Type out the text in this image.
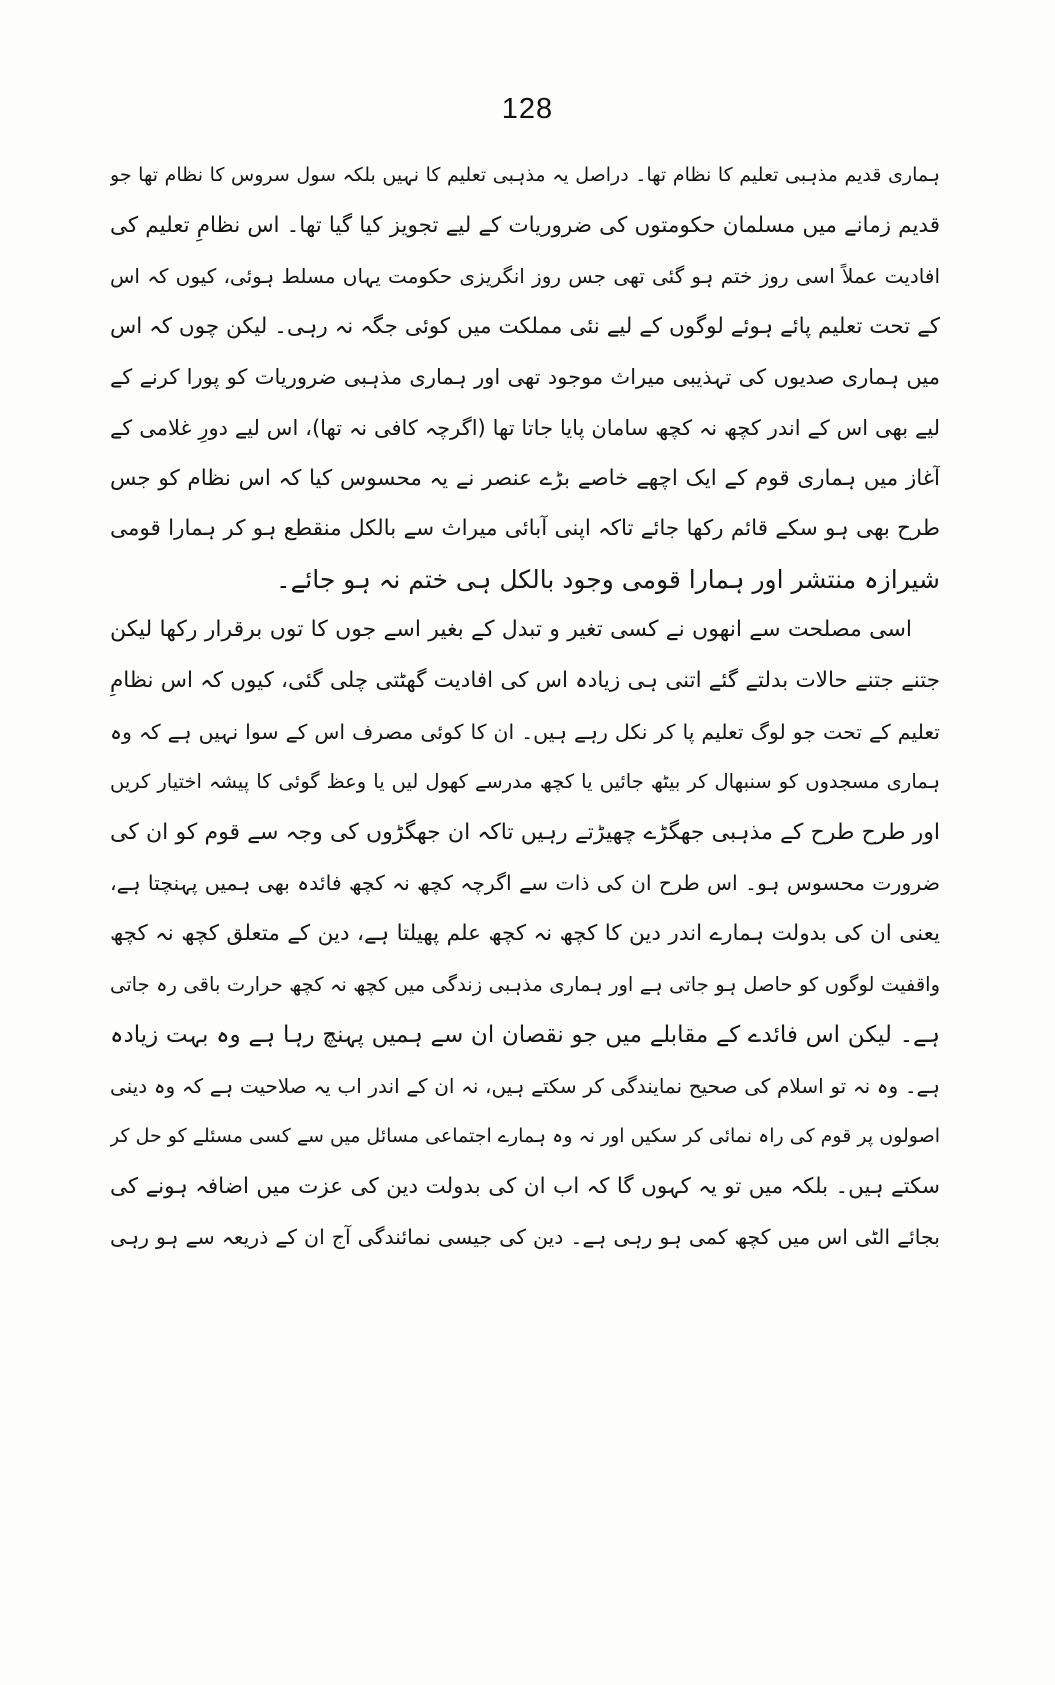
128
ہماری قدیم مذہبی تعلیم کا نظام تھا۔ دراصل یہ مذہبی تعلیم کا نہیں بلکہ سول سروس کا نظام تھا جو
قدیم زمانے میں مسلمان حکومتوں کی ضروریات کے لیے تجویز کیا گیا تھا۔ اس نظامِ تعلیم کی
افادیت عملاً اسی روز ختم ہو گئی تھی جس روز انگریزی حکومت یہاں مسلط ہوئی، کیوں کہ اس
کے تحت تعلیم پائے ہوئے لوگوں کے لیے نئی مملکت میں کوئی جگہ نہ رہی۔ لیکن چوں کہ اس
میں ہماری صدیوں کی تہذیبی میراث موجود تھی اور ہماری مذہبی ضروریات کو پورا کرنے کے
لیے بھی اس کے اندر کچھ نہ کچھ سامان پایا جاتا تھا (اگرچہ کافی نہ تھا)، اس لیے دورِ غلامی کے
آغاز میں ہماری قوم کے ایک اچھے خاصے بڑے عنصر نے یہ محسوس کیا کہ اس نظام کو جس
طرح بھی ہو سکے قائم رکھا جائے تاکہ اپنی آبائی میراث سے بالکل منقطع ہو کر ہمارا قومی
شیرازہ منتشر اور ہمارا قومی وجود بالکل ہی ختم نہ ہو جائے۔
اسی مصلحت سے انھوں نے کسی تغیر و تبدل کے بغیر اسے جوں کا توں برقرار رکھا لیکن
جتنے جتنے حالات بدلتے گئے اتنی ہی زیادہ اس کی افادیت گھٹتی چلی گئی، کیوں کہ اس نظامِ
تعلیم کے تحت جو لوگ تعلیم پا کر نکل رہے ہیں۔ ان کا کوئی مصرف اس کے سوا نہیں ہے کہ وہ
ہماری مسجدوں کو سنبھال کر بیٹھ جائیں یا کچھ مدرسے کھول لیں یا وعظ گوئی کا پیشہ اختیار کریں
اور طرح طرح کے مذہبی جھگڑے چھیڑتے رہیں تاکہ ان جھگڑوں کی وجہ سے قوم کو ان کی
ضرورت محسوس ہو۔ اس طرح ان کی ذات سے اگرچہ کچھ نہ کچھ فائدہ بھی ہمیں پہنچتا ہے،
یعنی ان کی بدولت ہمارے اندر دین کا کچھ نہ کچھ علم پھیلتا ہے، دین کے متعلق کچھ نہ کچھ
واقفیت لوگوں کو حاصل ہو جاتی ہے اور ہماری مذہبی زندگی میں کچھ نہ کچھ حرارت باقی رہ جاتی
ہے۔ لیکن اس فائدے کے مقابلے میں جو نقصان ان سے ہمیں پہنچ رہا ہے وہ بہت زیادہ
ہے۔ وہ نہ تو اسلام کی صحیح نمایندگی کر سکتے ہیں، نہ ان کے اندر اب یہ صلاحیت ہے کہ وہ دینی
اصولوں پر قوم کی راہ نمائی کر سکیں اور نہ وہ ہمارے اجتماعی مسائل میں سے کسی مسئلے کو حل کر
سکتے ہیں۔ بلکہ میں تو یہ کہوں گا کہ اب ان کی بدولت دین کی عزت میں اضافہ ہونے کی
بجائے الٹی اس میں کچھ کمی ہو رہی ہے۔ دین کی جیسی نمائندگی آج ان کے ذریعہ سے ہو رہی
